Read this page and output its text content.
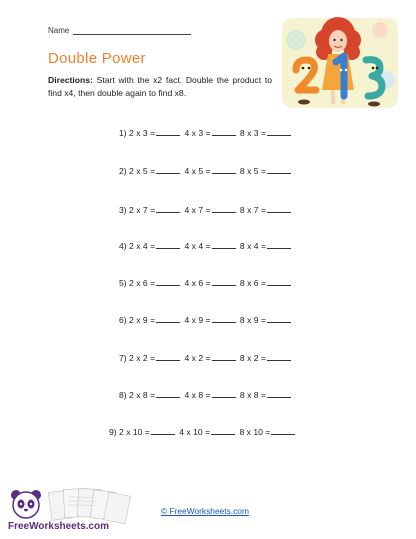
Name
Double Power
Directions: Start with the x2 fact. Double the product to find x4, then double again to find x8.
1) 2 x 3 =	4 x 3 =	8 x 3 =
2) 2 x 5 =	4 x 5 =	8 x 5 =
3) 2 x 7 =	4 x 7 =	8 x 7 =
4) 2 x 4 =	4 x 4 =	8 x 4 =
5) 2 x 6 =	4 x 6 =	8 x 6 =
6) 2 x 9 =	4 x 9 =	8 x 9 =
7) 2 x 2 =	4 x 2 =	8 x 2 =
8) 2 x 8 =	4 x 8 =	8 x 8 =
9) 2 x 10 =	4 x 10 =	8 x 10 =
FreeWorksheets.com
© FreeWorksheets.com
